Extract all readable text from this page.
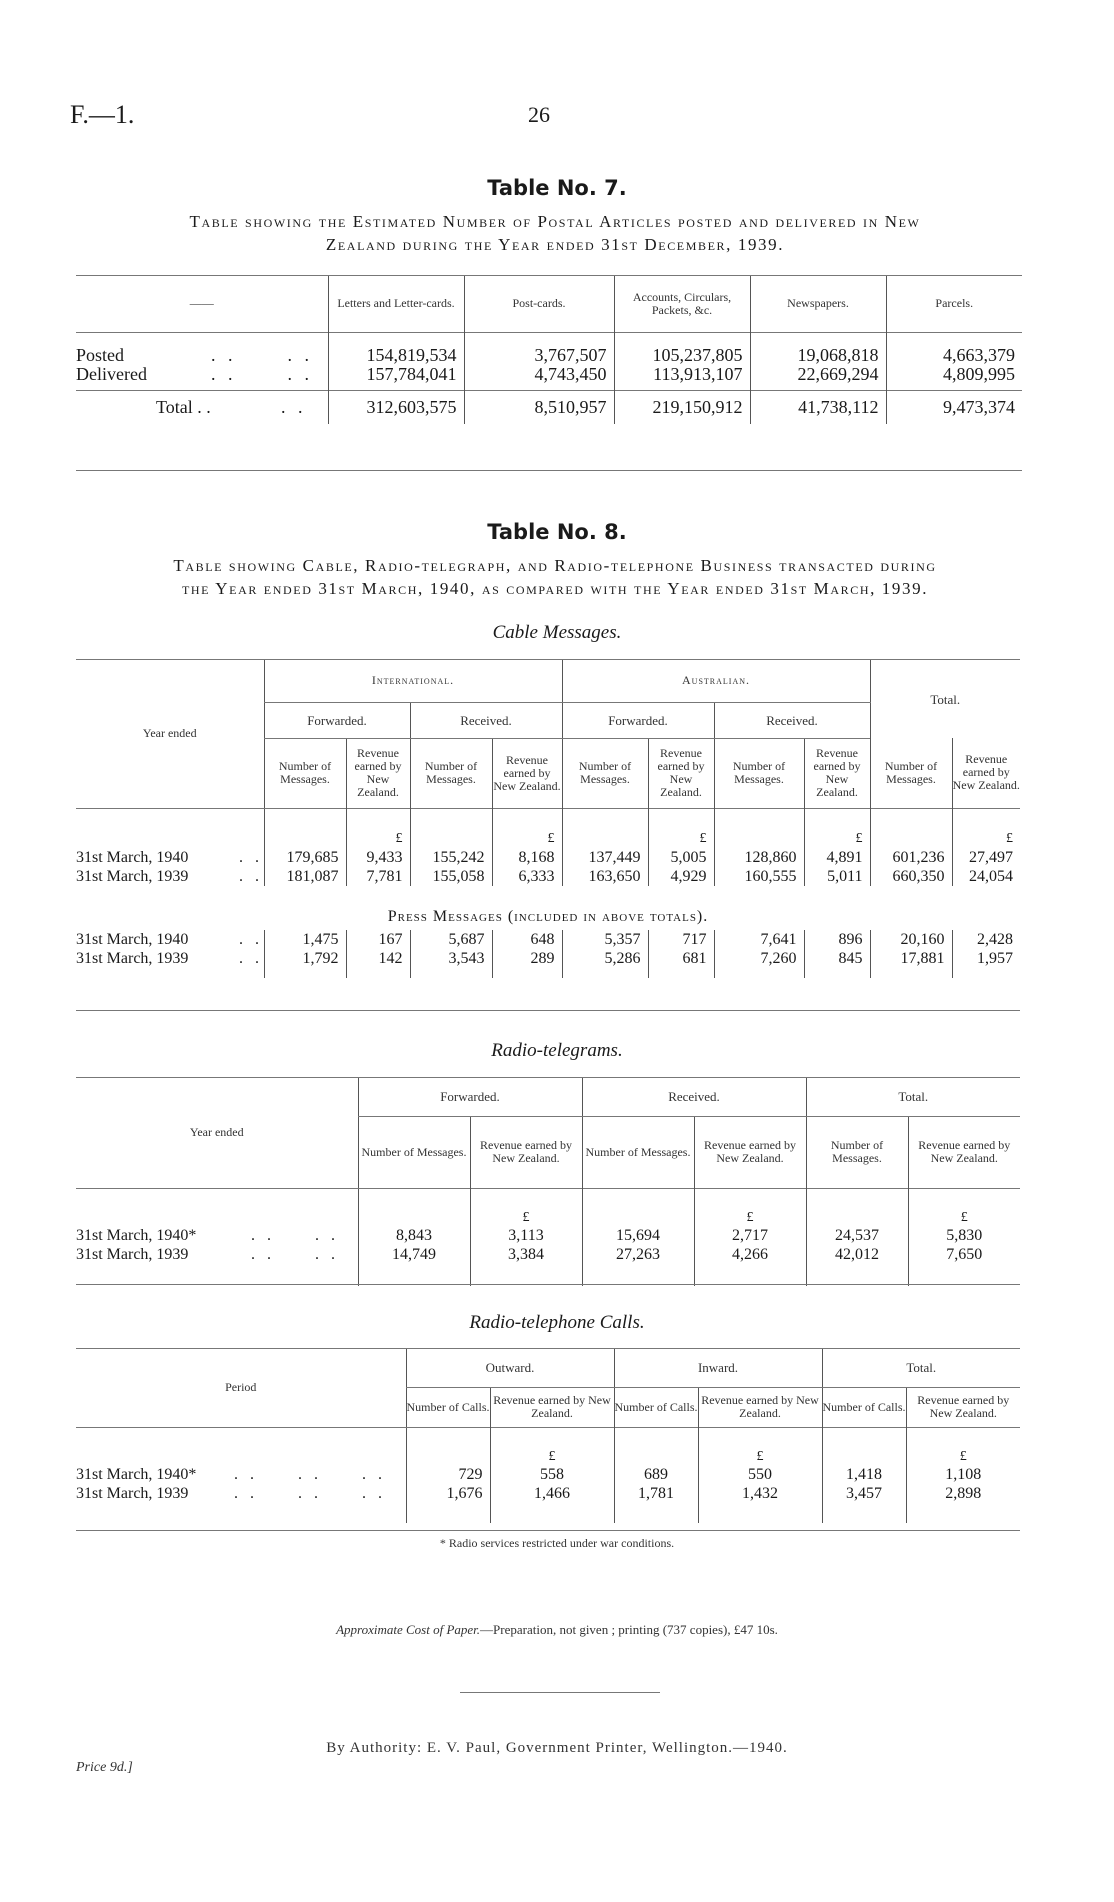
F.—1.	26
Table No. 7.
Table showing the Estimated Number of Postal Articles posted and delivered in New
Zealand during the Year ended 31st December, 1939.
——	Letters and Letter-cards.	Post-cards.	Accounts, Circulars, Packets, &c.	Newspapers.	Parcels.

Posted . .      . .	154,819,534	3,767,507	105,237,805	19,068,818	4,663,379
Delivered . .      . .	157,784,041	4,743,450	113,913,107	22,669,294	4,809,995

Total . . . .	312,603,575	8,510,957	219,150,912	41,738,112	9,473,374
Table No. 8.
Table showing Cable, Radio-telegraph, and Radio-telephone Business transacted during
the Year ended 31st March, 1940, as compared with the Year ended 31st March, 1939.
Cable Messages.
Year ended	International.				Australian.				Total.	
	Forwarded.		Received.		Forwarded.		Received.			
	Number of Messages.	Revenue earned by New Zealand.	Number of Messages.	Revenue earned by New Zealand.	Number of Messages.	Revenue earned by New Zealand.	Number of Messages.	Revenue earned by New Zealand.	Number of Messages.	Revenue earned by New Zealand.
		£		£		£		£		£
31st March, 1940 . .	179,685	9,433	155,242	8,168	137,449	5,005	128,860	4,891	601,236	27,497
31st March, 1939 . .	181,087	7,781	155,058	6,333	163,650	4,929	160,555	5,011	660,350	24,054
Press Messages (included in above totals).										
31st March, 1940 . .	1,475	167	5,687	648	5,357	717	7,641	896	20,160	2,428
31st March, 1939 . .	1,792	142	3,543	289	5,286	681	7,260	845	17,881	1,957

Radio-telegrams.
Year ended	Forwarded.		Received.		Total.	
	Number of Messages.	Revenue earned by New Zealand.	Number of Messages.	Revenue earned by New Zealand.	Number of Messages.	Revenue earned by New Zealand.
		£		£		£
31st March, 1940* . .     . .	8,843	3,113	15,694	2,717	24,537	5,830
31st March, 1939 . .     . .	14,749	3,384	27,263	4,266	42,012	7,650

Radio-telephone Calls.
Period	Outward.		Inward.		Total.	
	Number of Calls.	Revenue earned by New Zealand.	Number of Calls.	Revenue earned by New Zealand.	Number of Calls.	Revenue earned by New Zealand.
		£		£		£
31st March, 1940* . .     . .     . .	729	558	689	550	1,418	1,108
31st March, 1939 . .     . .     . .	1,676	1,466	1,781	1,432	3,457	2,898

* Radio services restricted under war conditions.
Approximate Cost of Paper.—Preparation, not given ; printing (737 copies), £47 10s.
By Authority: E. V. Paul, Government Printer, Wellington.—1940.
Price 9d.]
